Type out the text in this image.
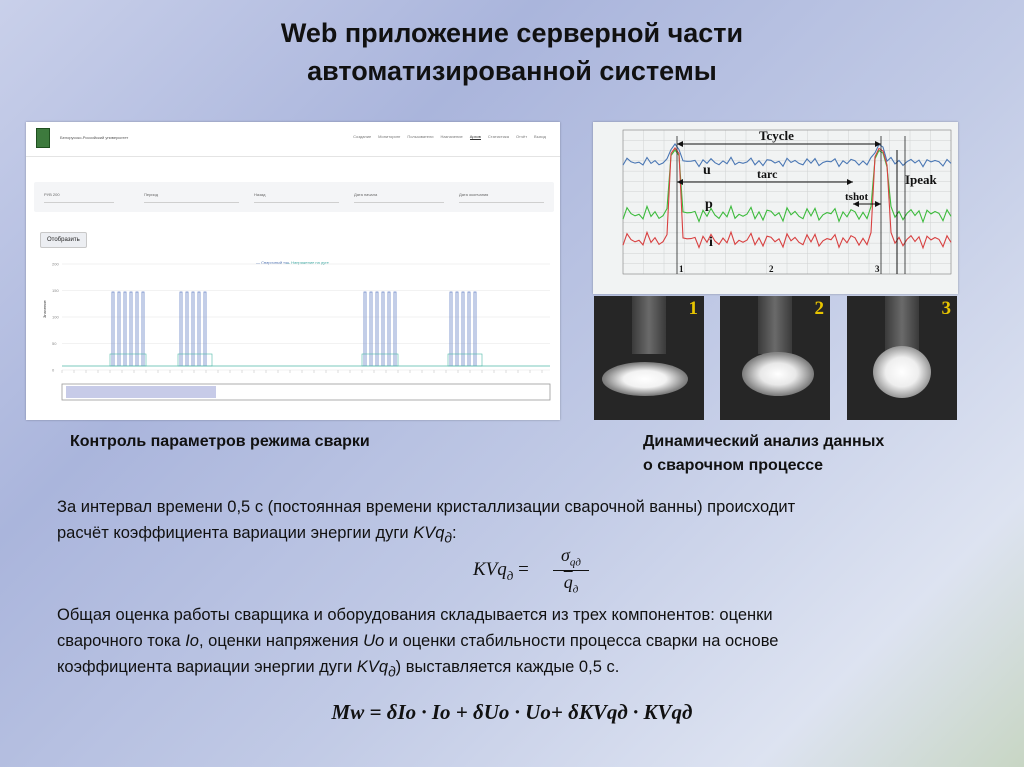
Web приложение серверной части
автоматизированной системы
Белорусско-Российский университет	Создание Мониторинг Пользователи Назначение Архив Статистика Отчёт Выход
РУВ 200	Период	Назад	Дата начала	Дата окончания
Отобразить
— Сварочный ток
— Напряжение на дуге
Значение
200
150
100
50
0
Tcycle
u	tarc
p	tshot
i
Ipeak
1	2	3
1	2	3
Контроль параметров режима сварки	Динамический анализ данных
о сварочном процессе
За интервал времени 0,5 с (постоянная времени кристаллизации сварочной ванны) происходит
расчёт коэффициента вариации энергии дуги KVq$_д$:
KVq$_д$ =
$\sigma_{qд}$
$\overline{q}_д$
Общая оценка работы сварщика и оборудования складывается из трех компонентов: оценки
сварочного тока Io, оценки напряжения Uo и оценки стабильности процесса сварки на основе
коэффициента вариации энергии дуги KVq$_д$) выставляется каждые 0,5 с.
Mw = δIо · Iо + δUо · Uо+ δKVqд · KVqд
